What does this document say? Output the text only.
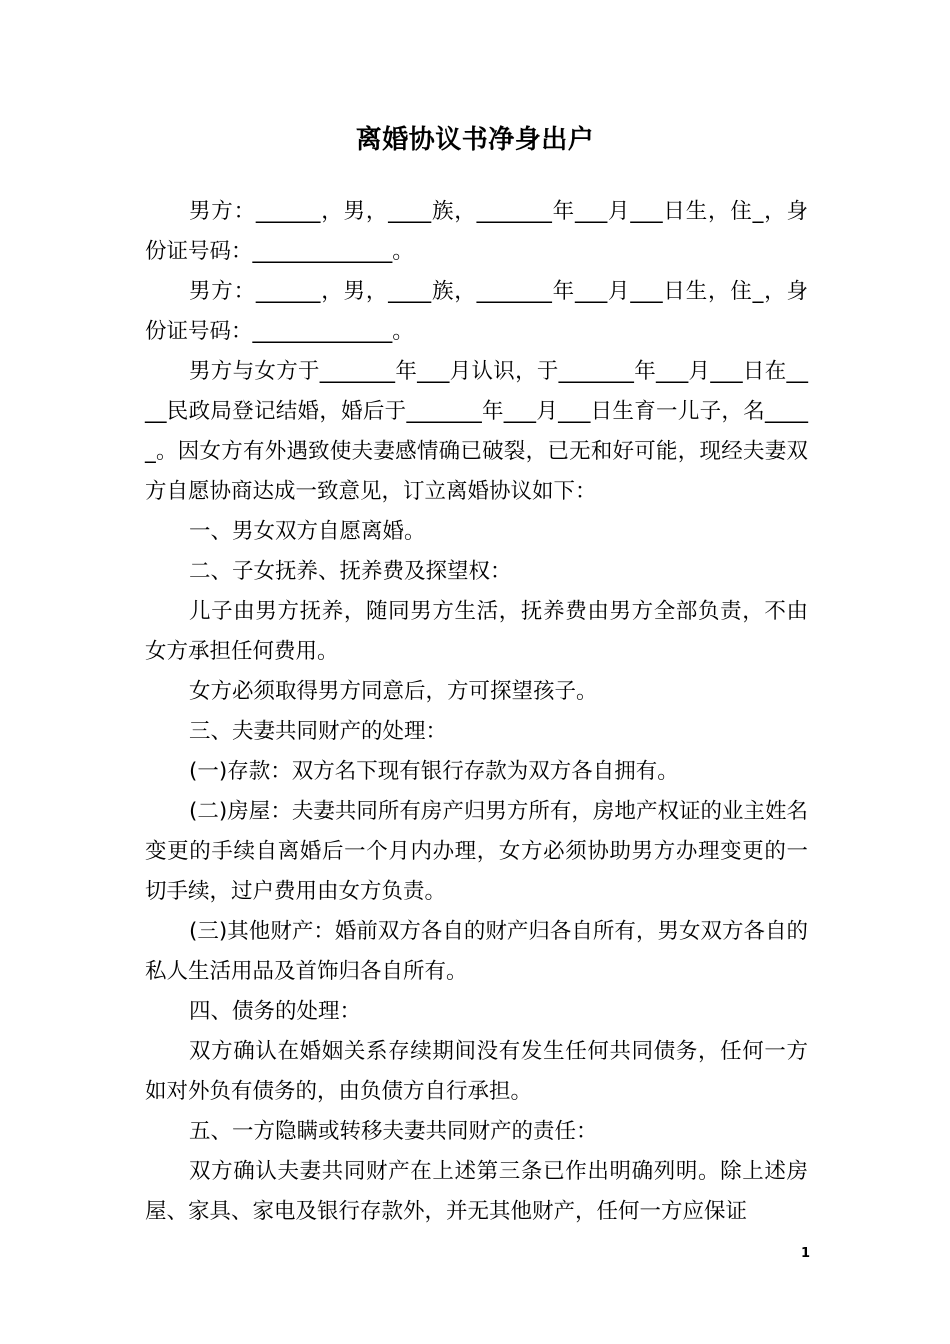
离婚协议书净身出户

男方：______，男，____族，_______年___月___日生，住_，身份证号码：_____________。

男方：______，男，____族，_______年___月___日生，住_，身份证号码：_____________。

男方与女方于_______年___月认识，于_______年___月___日在____民政局登记结婚，婚后于_______年___月___日生育一儿子，名_____。因女方有外遇致使夫妻感情确已破裂，已无和好可能，现经夫妻双方自愿协商达成一致意见，订立离婚协议如下：

一、男女双方自愿离婚。

二、子女抚养、抚养费及探望权：

儿子由男方抚养，随同男方生活，抚养费由男方全部负责，不由女方承担任何费用。

女方必须取得男方同意后，方可探望孩子。

三、夫妻共同财产的处理：

(一)存款：双方名下现有银行存款为双方各自拥有。

(二)房屋：夫妻共同所有房产归男方所有，房地产权证的业主姓名变更的手续自离婚后一个月内办理，女方必须协助男方办理变更的一切手续，过户费用由女方负责。

(三)其他财产：婚前双方各自的财产归各自所有，男女双方各自的私人生活用品及首饰归各自所有。

四、债务的处理：

双方确认在婚姻关系存续期间没有发生任何共同债务，任何一方如对外负有债务的，由负债方自行承担。

五、一方隐瞒或转移夫妻共同财产的责任：

双方确认夫妻共同财产在上述第三条已作出明确列明。除上述房屋、家具、家电及银行存款外，并无其他财产，任何一方应保证

1
